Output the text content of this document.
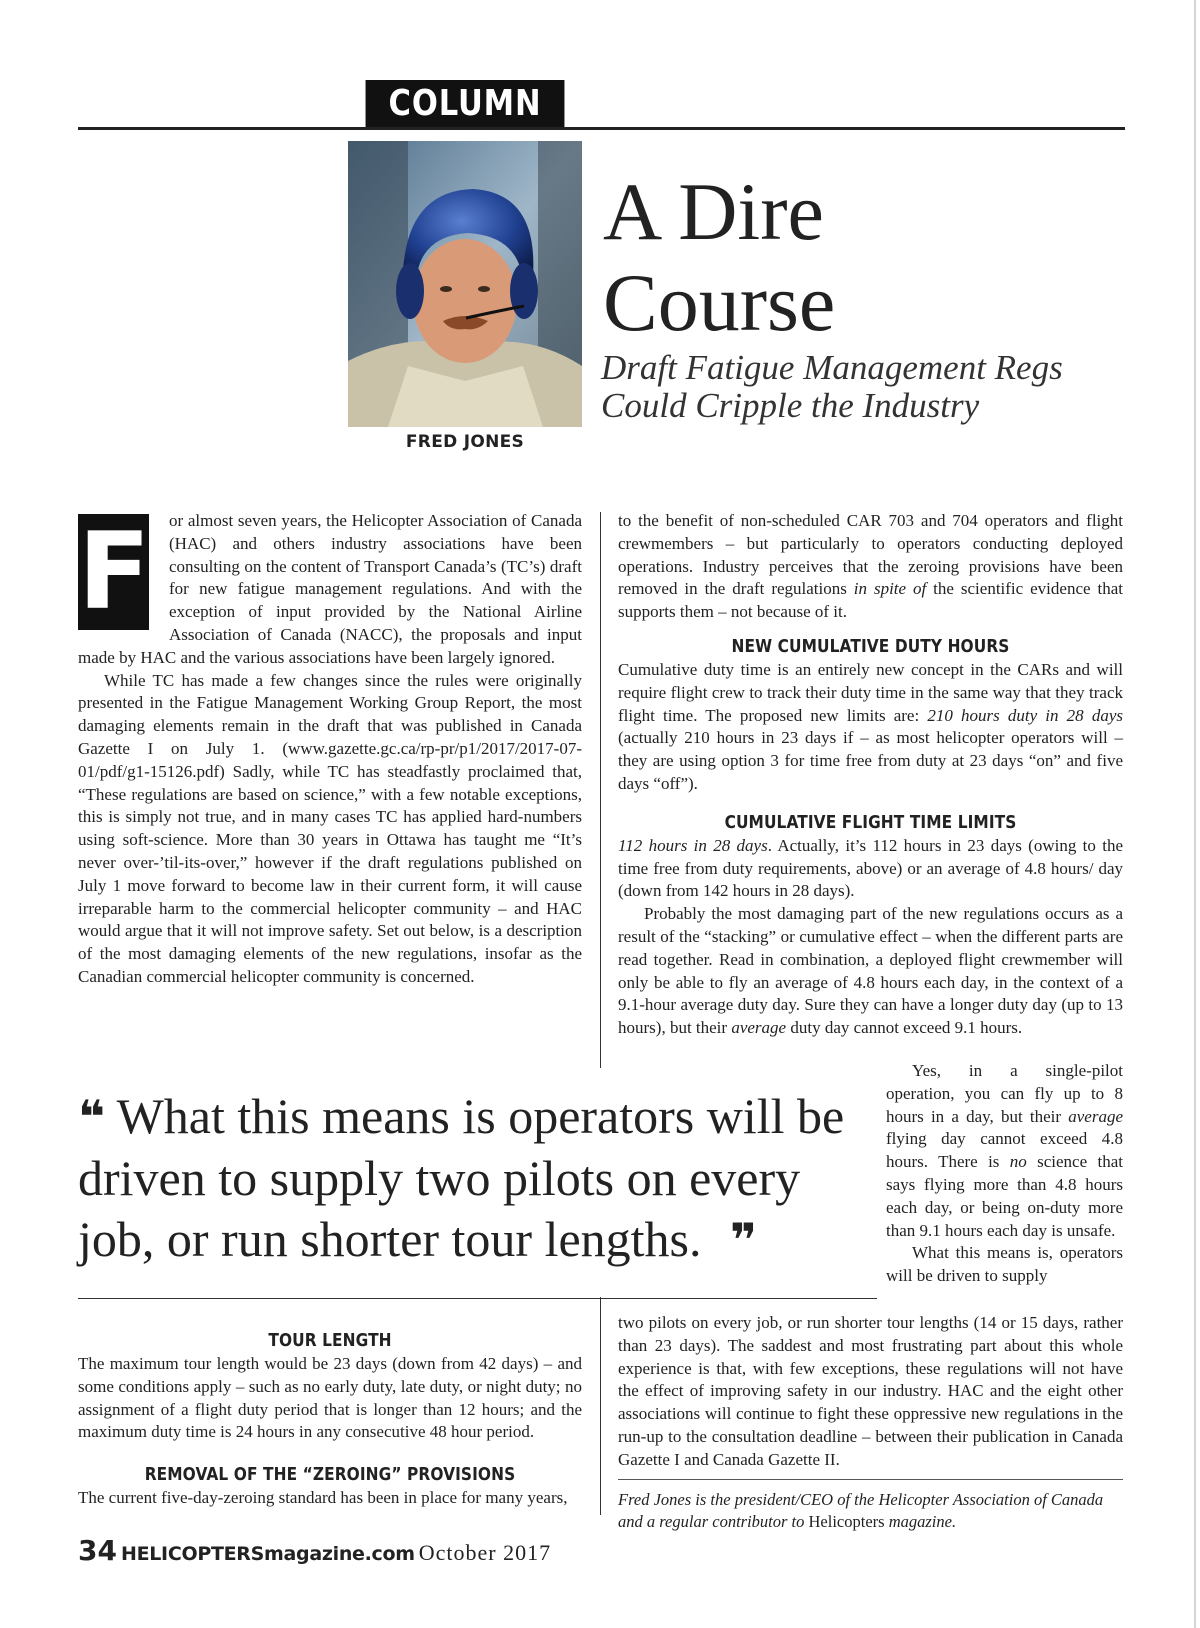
COLUMN
FRED JONES
A Dire
Course
Draft Fatigue Management Regs
Could Cripple the Industry
F	or almost seven years, the Helicopter Association of Canada (HAC) and others industry associations have been consulting on the content of Transport Canada’s (TC’s) draft for new fatigue management regulations. And with the exception of input provided by the National Airline Association of Canada (NACC), the proposals and input made by HAC and the various associations have been largely ignored.

While TC has made a few changes since the rules were originally presented in the Fatigue Management Working Group Report, the most damaging elements remain in the draft that was published in Canada Gazette I on July 1. (www.gazette.gc.ca/rp-pr/p1/2017/2017-07-01/pdf/g1-15126.pdf) Sadly, while TC has steadfastly proclaimed that, “These regulations are based on science,” with a few notable exceptions, this is simply not true, and in many cases TC has applied hard-numbers using soft-science. More than 30 years in Ottawa has taught me “It’s never over-’til-its-over,” however if the draft regulations published on July 1 move forward to become law in their current form, it will cause irreparable harm to the commercial helicopter community – and HAC would argue that it will not improve safety. Set out below, is a description of the most damaging elements of the new regulations, insofar as the Canadian commercial helicopter community is concerned.

to the benefit of non-scheduled CAR 703 and 704 operators and flight crewmembers – but particularly to operators conducting deployed operations. Industry perceives that the zeroing provisions have been removed in the draft regulations in spite of the scientific evidence that supports them – not because of it.

NEW CUMULATIVE DUTY HOURS

Cumulative duty time is an entirely new concept in the CARs and will require flight crew to track their duty time in the same way that they track flight time. The proposed new limits are: 210 hours duty in 28 days (actually 210 hours in 23 days if – as most helicopter operators will – they are using option 3 for time free from duty at 23 days “on” and five days “off”).

CUMULATIVE FLIGHT TIME LIMITS

112 hours in 28 days. Actually, it’s 112 hours in 23 days (owing to the time free from duty requirements, above) or an average of 4.8 hours/ day (down from 142 hours in 28 days).

Probably the most damaging part of the new regulations occurs as a result of the “stacking” or cumulative effect – when the different parts are read together. Read in combination, a deployed flight crewmember will only be able to fly an average of 4.8 hours each day, in the context of a 9.1-hour average duty day. Sure they can have a longer duty day (up to 13 hours), but their average duty day cannot exceed 9.1 hours.

Yes, in a single-pilot operation, you can fly up to 8 hours in a day, but their average flying day cannot exceed 4.8 hours. There is no science that says flying more than 4.8 hours each day, or being on-duty more than 9.1 hours each day is unsafe.

What this means is, operators will be driven to supply

❝ What this means is operators will be driven to supply two pilots on every job, or run shorter tour lengths.  ❞

two pilots on every job, or run shorter tour lengths (14 or 15 days, rather than 23 days). The saddest and most frustrating part about this whole experience is that, with few exceptions, these regulations will not have the effect of improving safety in our industry. HAC and the eight other associations will continue to fight these oppressive new regulations in the run-up to the consultation deadline – between their publication in Canada Gazette I and Canada Gazette II.

Fred Jones is the president/CEO of the Helicopter Association of Canada and a regular contributor to Helicopters magazine.

TOUR LENGTH

The maximum tour length would be 23 days (down from 42 days) – and some conditions apply – such as no early duty, late duty, or night duty; no assignment of a flight duty period that is longer than 12 hours; and the maximum duty time is 24 hours in any consecutive 48 hour period.

REMOVAL OF THE “ZEROING” PROVISIONS

The current five-day-zeroing standard has been in place for many years,

34 HELICOPTERSmagazine.com October 2017
